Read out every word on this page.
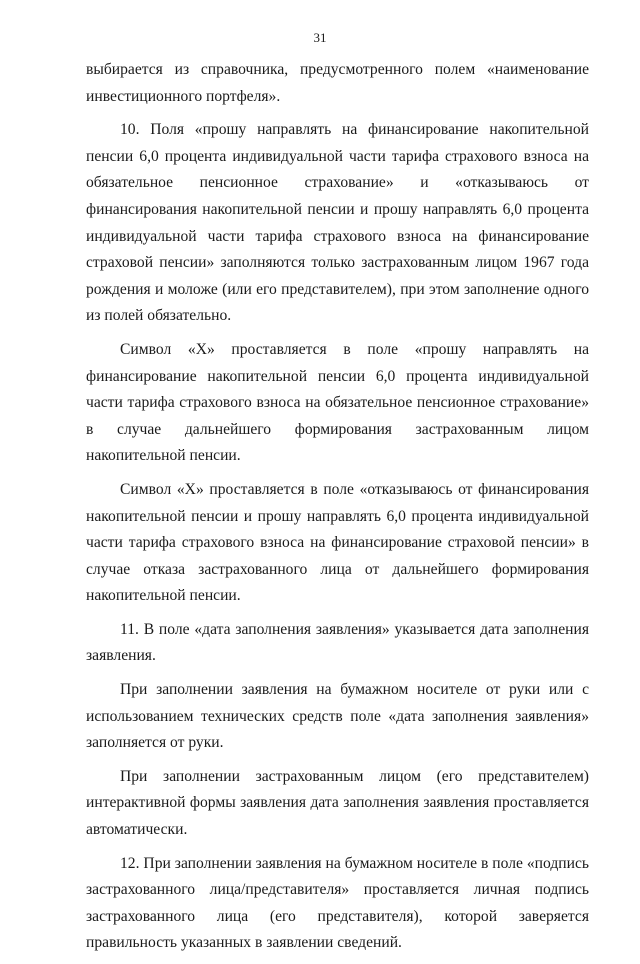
31

выбирается из справочника, предусмотренного полем «наименование инвестиционного портфеля».

10. Поля «прошу направлять на финансирование накопительной пенсии 6,0 процента индивидуальной части тарифа страхового взноса на обязательное пенсионное страхование» и «отказываюсь от финансирования накопительной пенсии и прошу направлять 6,0 процента индивидуальной части тарифа страхового взноса на финансирование страховой пенсии» заполняются только застрахованным лицом 1967 года рождения и моложе (или его представителем), при этом заполнение одного из полей обязательно.

Символ «Х» проставляется в поле «прошу направлять на финансирование накопительной пенсии 6,0 процента индивидуальной части тарифа страхового взноса на обязательное пенсионное страхование» в случае дальнейшего формирования застрахованным лицом накопительной пенсии.

Символ «Х» проставляется в поле «отказываюсь от финансирования накопительной пенсии и прошу направлять 6,0 процента индивидуальной части тарифа страхового взноса на финансирование страховой пенсии» в случае отказа застрахованного лица от дальнейшего формирования накопительной пенсии.

11. В поле «дата заполнения заявления» указывается дата заполнения заявления.

При заполнении заявления на бумажном носителе от руки или с использованием технических средств поле «дата заполнения заявления» заполняется от руки.

При заполнении застрахованным лицом (его представителем) интерактивной формы заявления дата заполнения заявления проставляется автоматически.

12. При заполнении заявления на бумажном носителе в поле «подпись застрахованного лица/представителя» проставляется личная подпись застрахованного лица (его представителя), которой заверяется правильность указанных в заявлении сведений.
